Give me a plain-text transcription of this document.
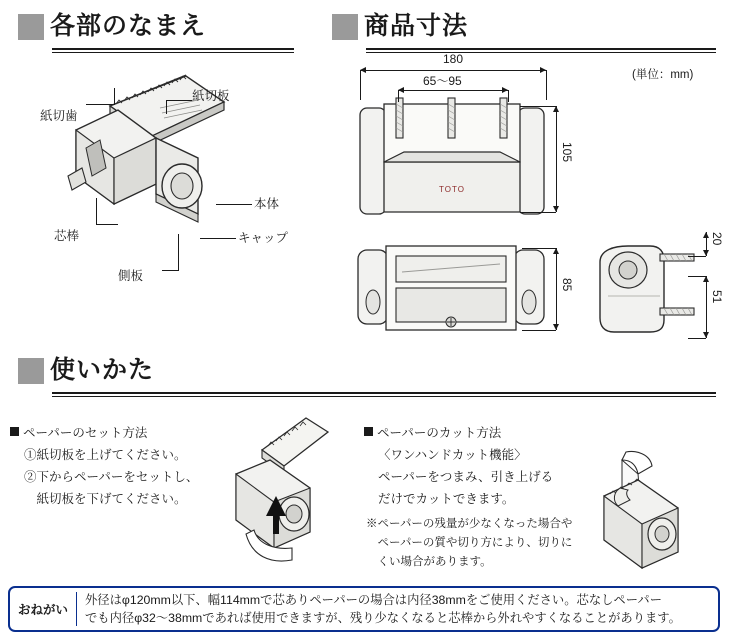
各部のなまえ
紙切歯
紙切板
本体
キャップ
芯棒
側板
商品寸法
(単位：mm)
TOTO
180
65～95
105
85
20
51
使いかた
ペーパーのセット方法
①紙切板を上げてください。
②下からペーパーをセットし、
　紙切板を下げてください。
ペーパーのカット方法
〈ワンハンドカット機能〉
ペーパーをつまみ、引き上げる
だけでカットできます。
※ペーパーの残量が少なくなった場合や
　ペーパーの質や切り方により、切りに
　くい場合があります。
おねがい
外径はφ120mm以下、幅114mmで芯ありペーパーの場合は内径38mmをご使用ください。芯なしペーパー
でも内径φ32～38mmであれば使用できますが、残り少なくなると芯棒から外れやすくなることがあります。
